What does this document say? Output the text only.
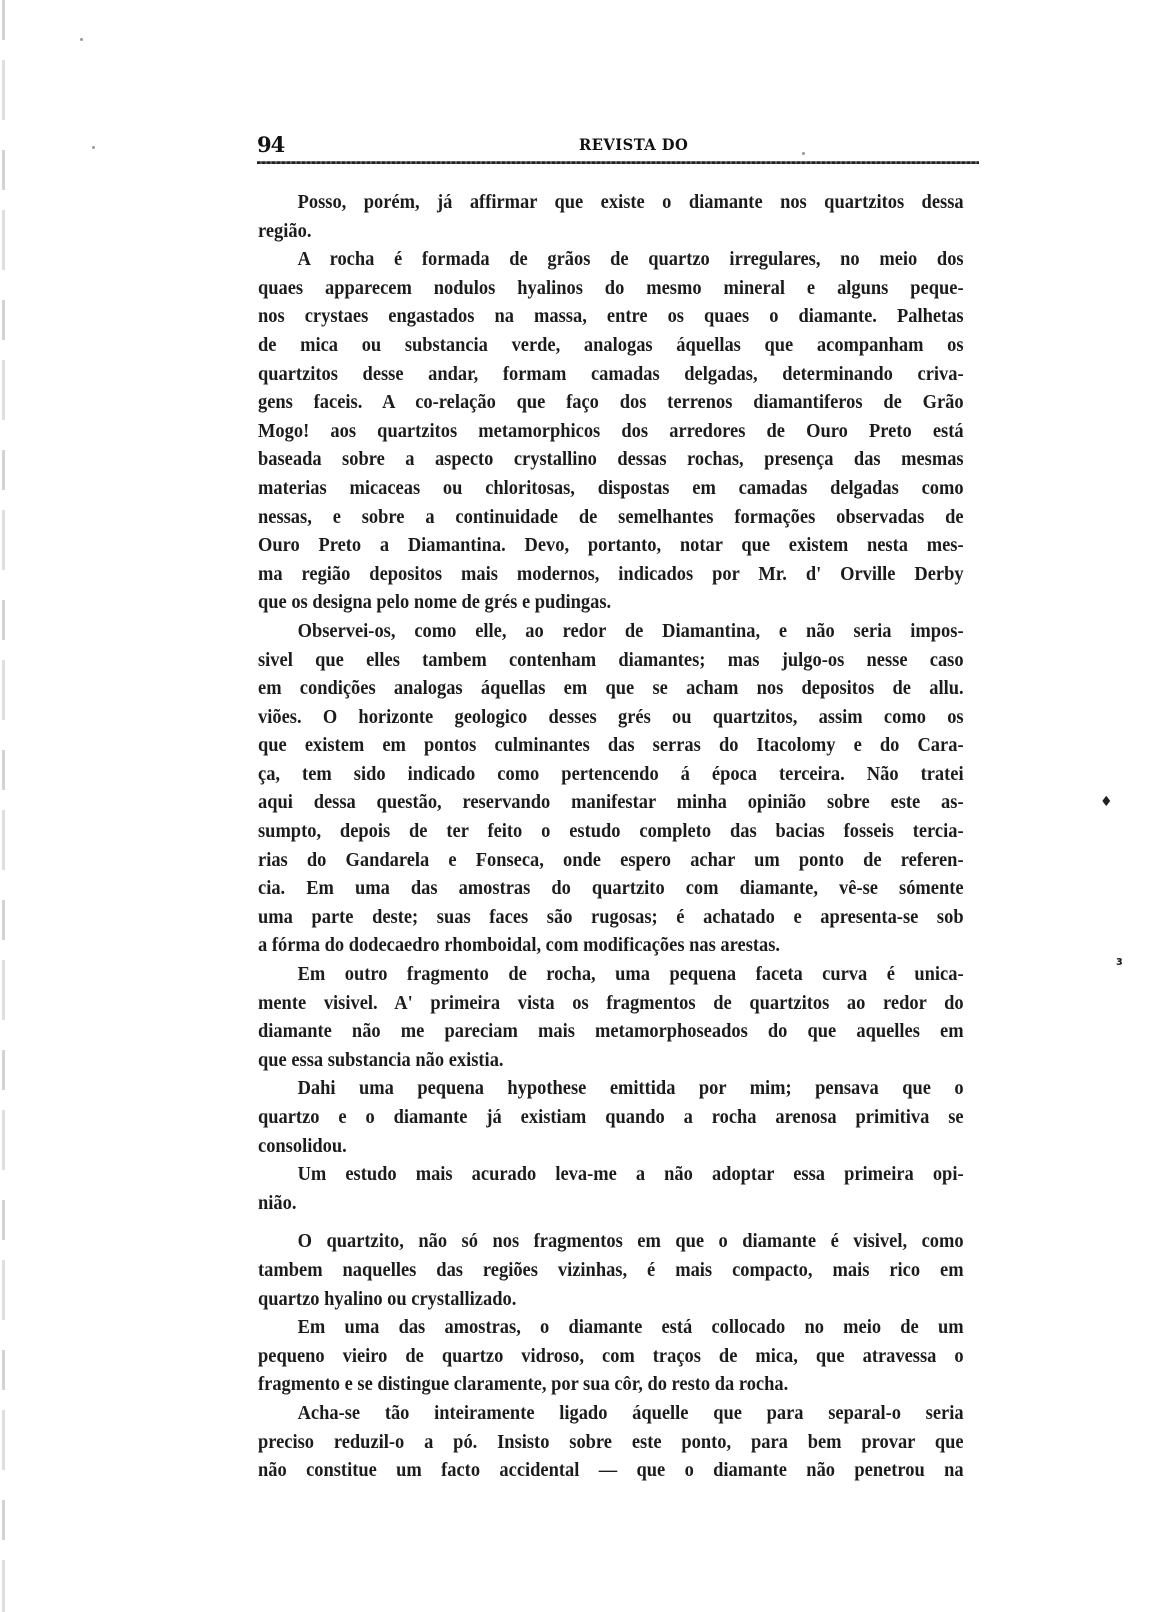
94	REVISTA DO
Posso, porém, já affirmar que existe o diamante nos quartzitos dessa
região.
A rocha é formada de grãos de quartzo irregulares, no meio dos
quaes apparecem nodulos hyalinos do mesmo mineral e alguns peque-
nos crystaes engastados na massa, entre os quaes o diamante. Palhetas
de mica ou substancia verde, analogas áquellas que acompanham os
quartzitos desse andar, formam camadas delgadas, determinando criva-
gens faceis. A co-relação que faço dos terrenos diamantiferos de Grão
Mogo! aos quartzitos metamorphicos dos arredores de Ouro Preto está
baseada sobre a aspecto crystallino dessas rochas, presença das mesmas
materias micaceas ou chloritosas, dispostas em camadas delgadas como
nessas, e sobre a continuidade de semelhantes formações observadas de
Ouro Preto a Diamantina. Devo, portanto, notar que existem nesta mes-
ma região depositos mais modernos, indicados por Mr. d' Orville Derby
que os designa pelo nome de grés e pudingas.
Observei-os, como elle, ao redor de Diamantina, e não seria impos-
sivel que elles tambem contenham diamantes; mas julgo-os nesse caso
em condições analogas áquellas em que se acham nos depositos de allu.
viões. O horizonte geologico desses grés ou quartzitos, assim como os
que existem em pontos culminantes das serras do Itacolomy e do Cara-
ça, tem sido indicado como pertencendo á época terceira. Não tratei
aqui dessa questão, reservando manifestar minha opinião sobre este as-
sumpto, depois de ter feito o estudo completo das bacias fosseis tercia-
rias do Gandarela e Fonseca, onde espero achar um ponto de referen-
cia. Em uma das amostras do quartzito com diamante, vê-se sómente
uma parte deste; suas faces são rugosas; é achatado e apresenta-se sob
a fórma do dodecaedro rhomboidal, com modificações nas arestas.
Em outro fragmento de rocha, uma pequena faceta curva é unica-
mente visivel. A' primeira vista os fragmentos de quartzitos ao redor do
diamante não me pareciam mais metamorphoseados do que aquelles em
que essa substancia não existia.
Dahi uma pequena hypothese emittida por mim; pensava que o
quartzo e o diamante já existiam quando a rocha arenosa primitiva se
consolidou.
Um estudo mais acurado leva-me a não adoptar essa primeira opi-
nião.
O quartzito, não só nos fragmentos em que o diamante é visivel, como
tambem naquelles das regiões vizinhas, é mais compacto, mais rico em
quartzo hyalino ou crystallizado.
Em uma das amostras, o diamante está collocado no meio de um
pequeno vieiro de quartzo vidroso, com traços de mica, que atravessa o
fragmento e se distingue claramente, por sua côr, do resto da rocha.
Acha-se tão inteiramente ligado áquelle que para separal-o seria
preciso reduzil-o a pó. Insisto sobre este ponto, para bem provar que
não constitue um facto accidental — que o diamante não penetrou na
♦
ɜ
